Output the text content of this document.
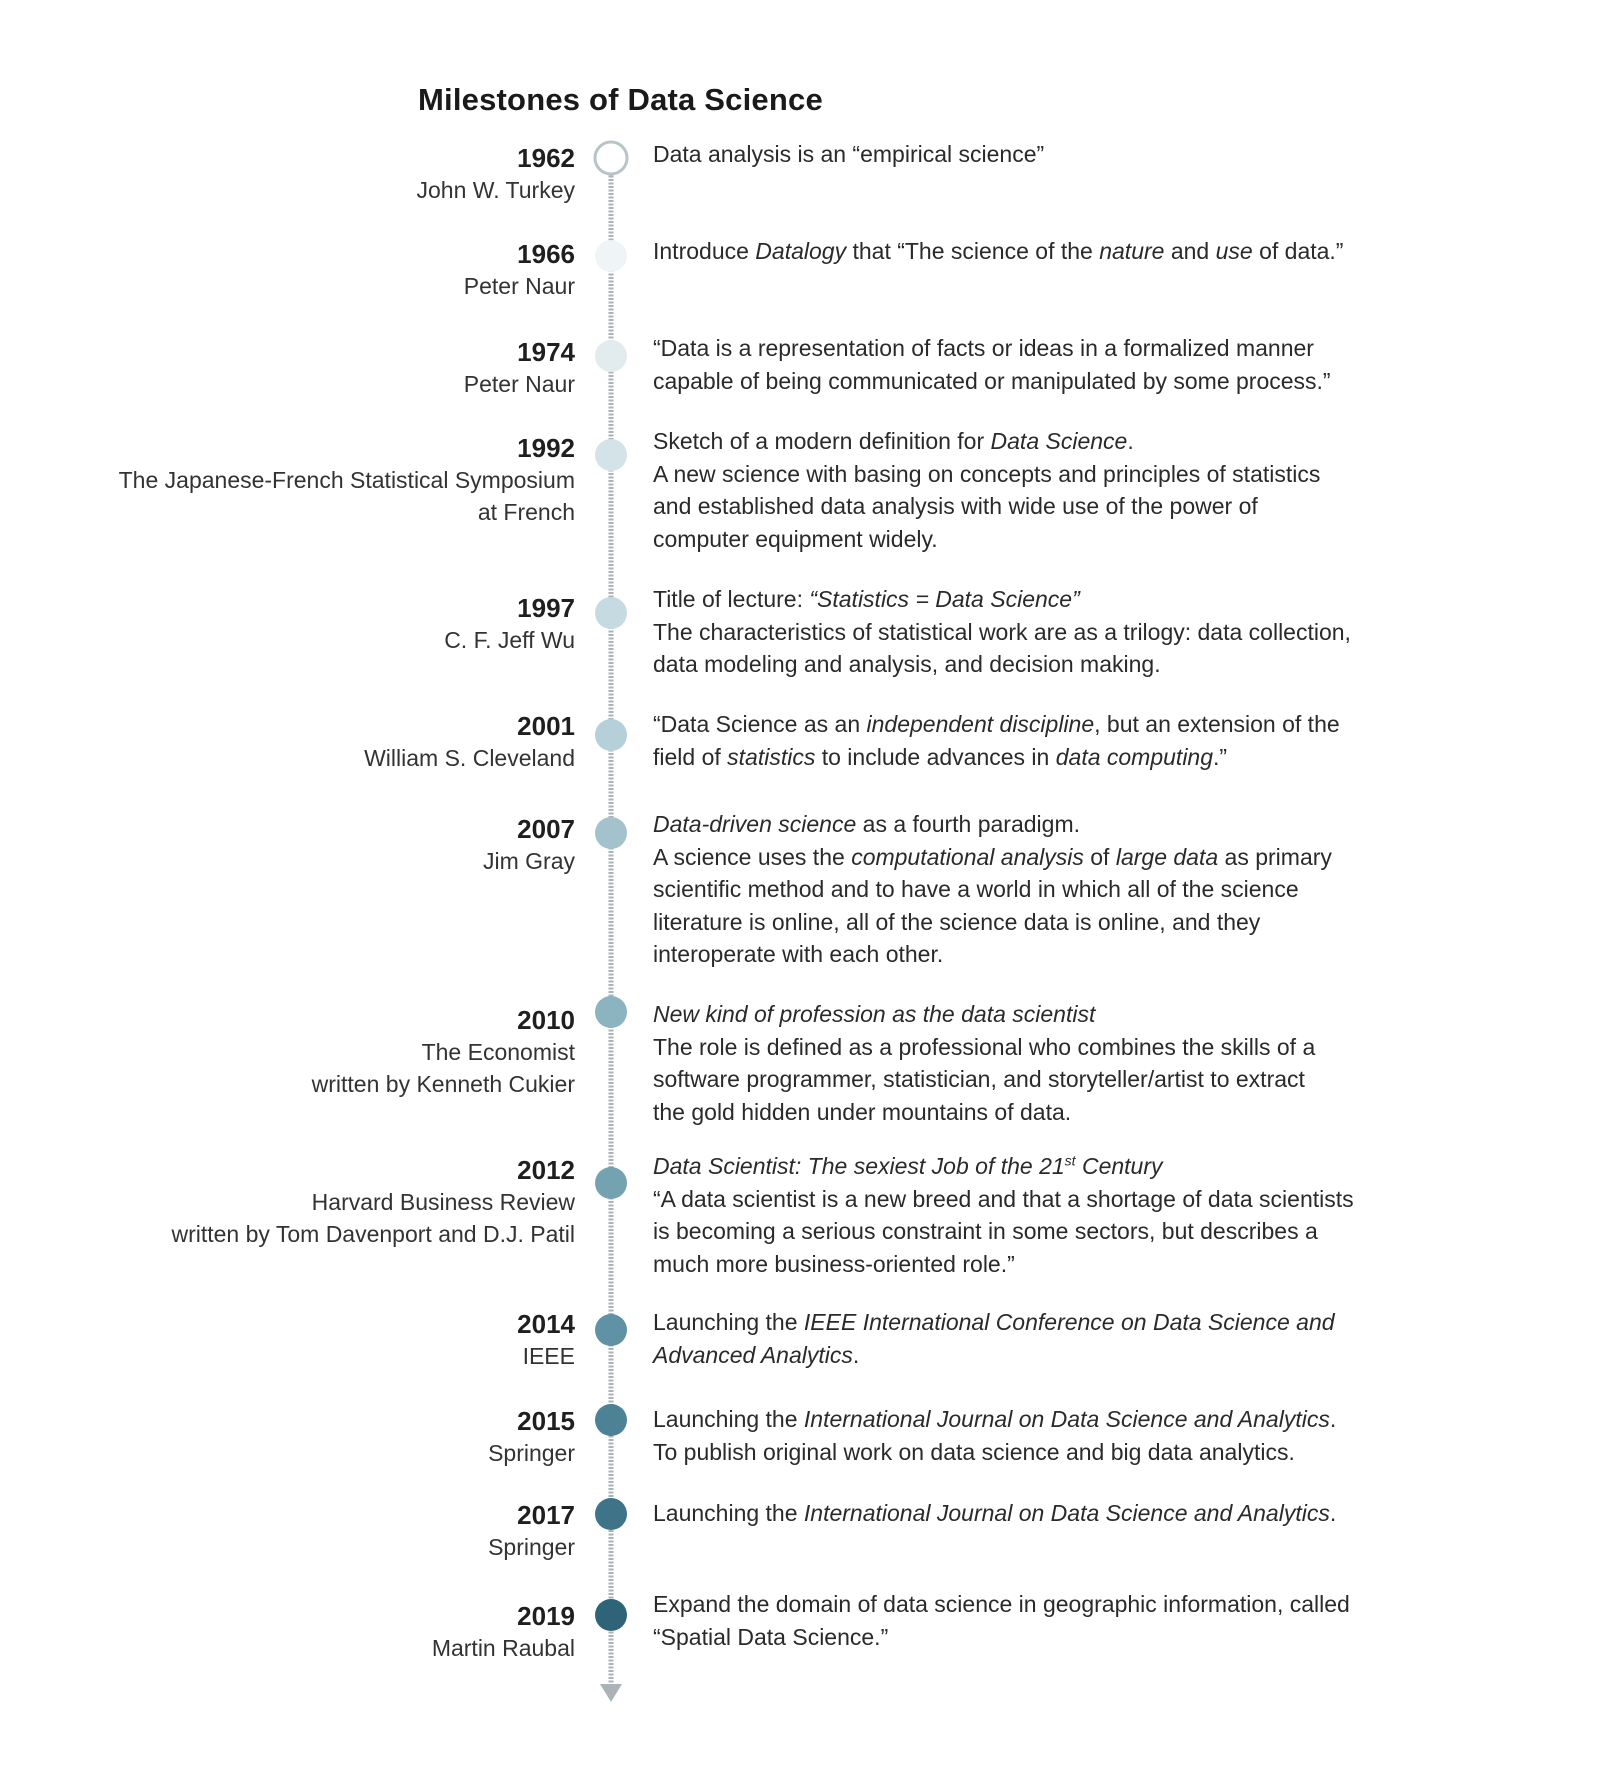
Milestones of Data Science
1962
John W. Turkey
Data analysis is an “empirical science”
1966
Peter Naur
Introduce Datalogy that “The science of the nature and use of data.”
1974
Peter Naur
“Data is a representation of facts or ideas in a formalized manner
capable of being communicated or manipulated by some process.”
1992
The Japanese-French Statistical Symposium
at French
Sketch of a modern definition for Data Science.
A new science with basing on concepts and principles of statistics
and established data analysis with wide use of the power of
computer equipment widely.
1997
C. F. Jeff Wu
Title of lecture: “Statistics = Data Science”
The characteristics of statistical work are as a trilogy: data collection,
data modeling and analysis, and decision making.
2001
William S. Cleveland
“Data Science as an independent discipline, but an extension of the
field of statistics to include advances in data computing.”
2007
Jim Gray
Data-driven science as a fourth paradigm.
A science uses the computational analysis of large data as primary
scientific method and to have a world in which all of the science
literature is online, all of the science data is online, and they
interoperate with each other.
2010
The Economist
written by Kenneth Cukier
New kind of profession as the data scientist
The role is defined as a professional who combines the skills of a
software programmer, statistician, and storyteller/artist to extract
the gold hidden under mountains of data.
2012
Harvard Business Review
written by Tom Davenport and D.J. Patil
Data Scientist: The sexiest Job of the 21st Century
“A data scientist is a new breed and that a shortage of data scientists
is becoming a serious constraint in some sectors, but describes a
much more business-oriented role.”
2014
IEEE
Launching the IEEE International Conference on Data Science and
Advanced Analytics.
2015
Springer
Launching the International Journal on Data Science and Analytics.
To publish original work on data science and big data analytics.
2017
Springer
Launching the International Journal on Data Science and Analytics.
2019
Martin Raubal
Expand the domain of data science in geographic information, called
“Spatial Data Science.”
